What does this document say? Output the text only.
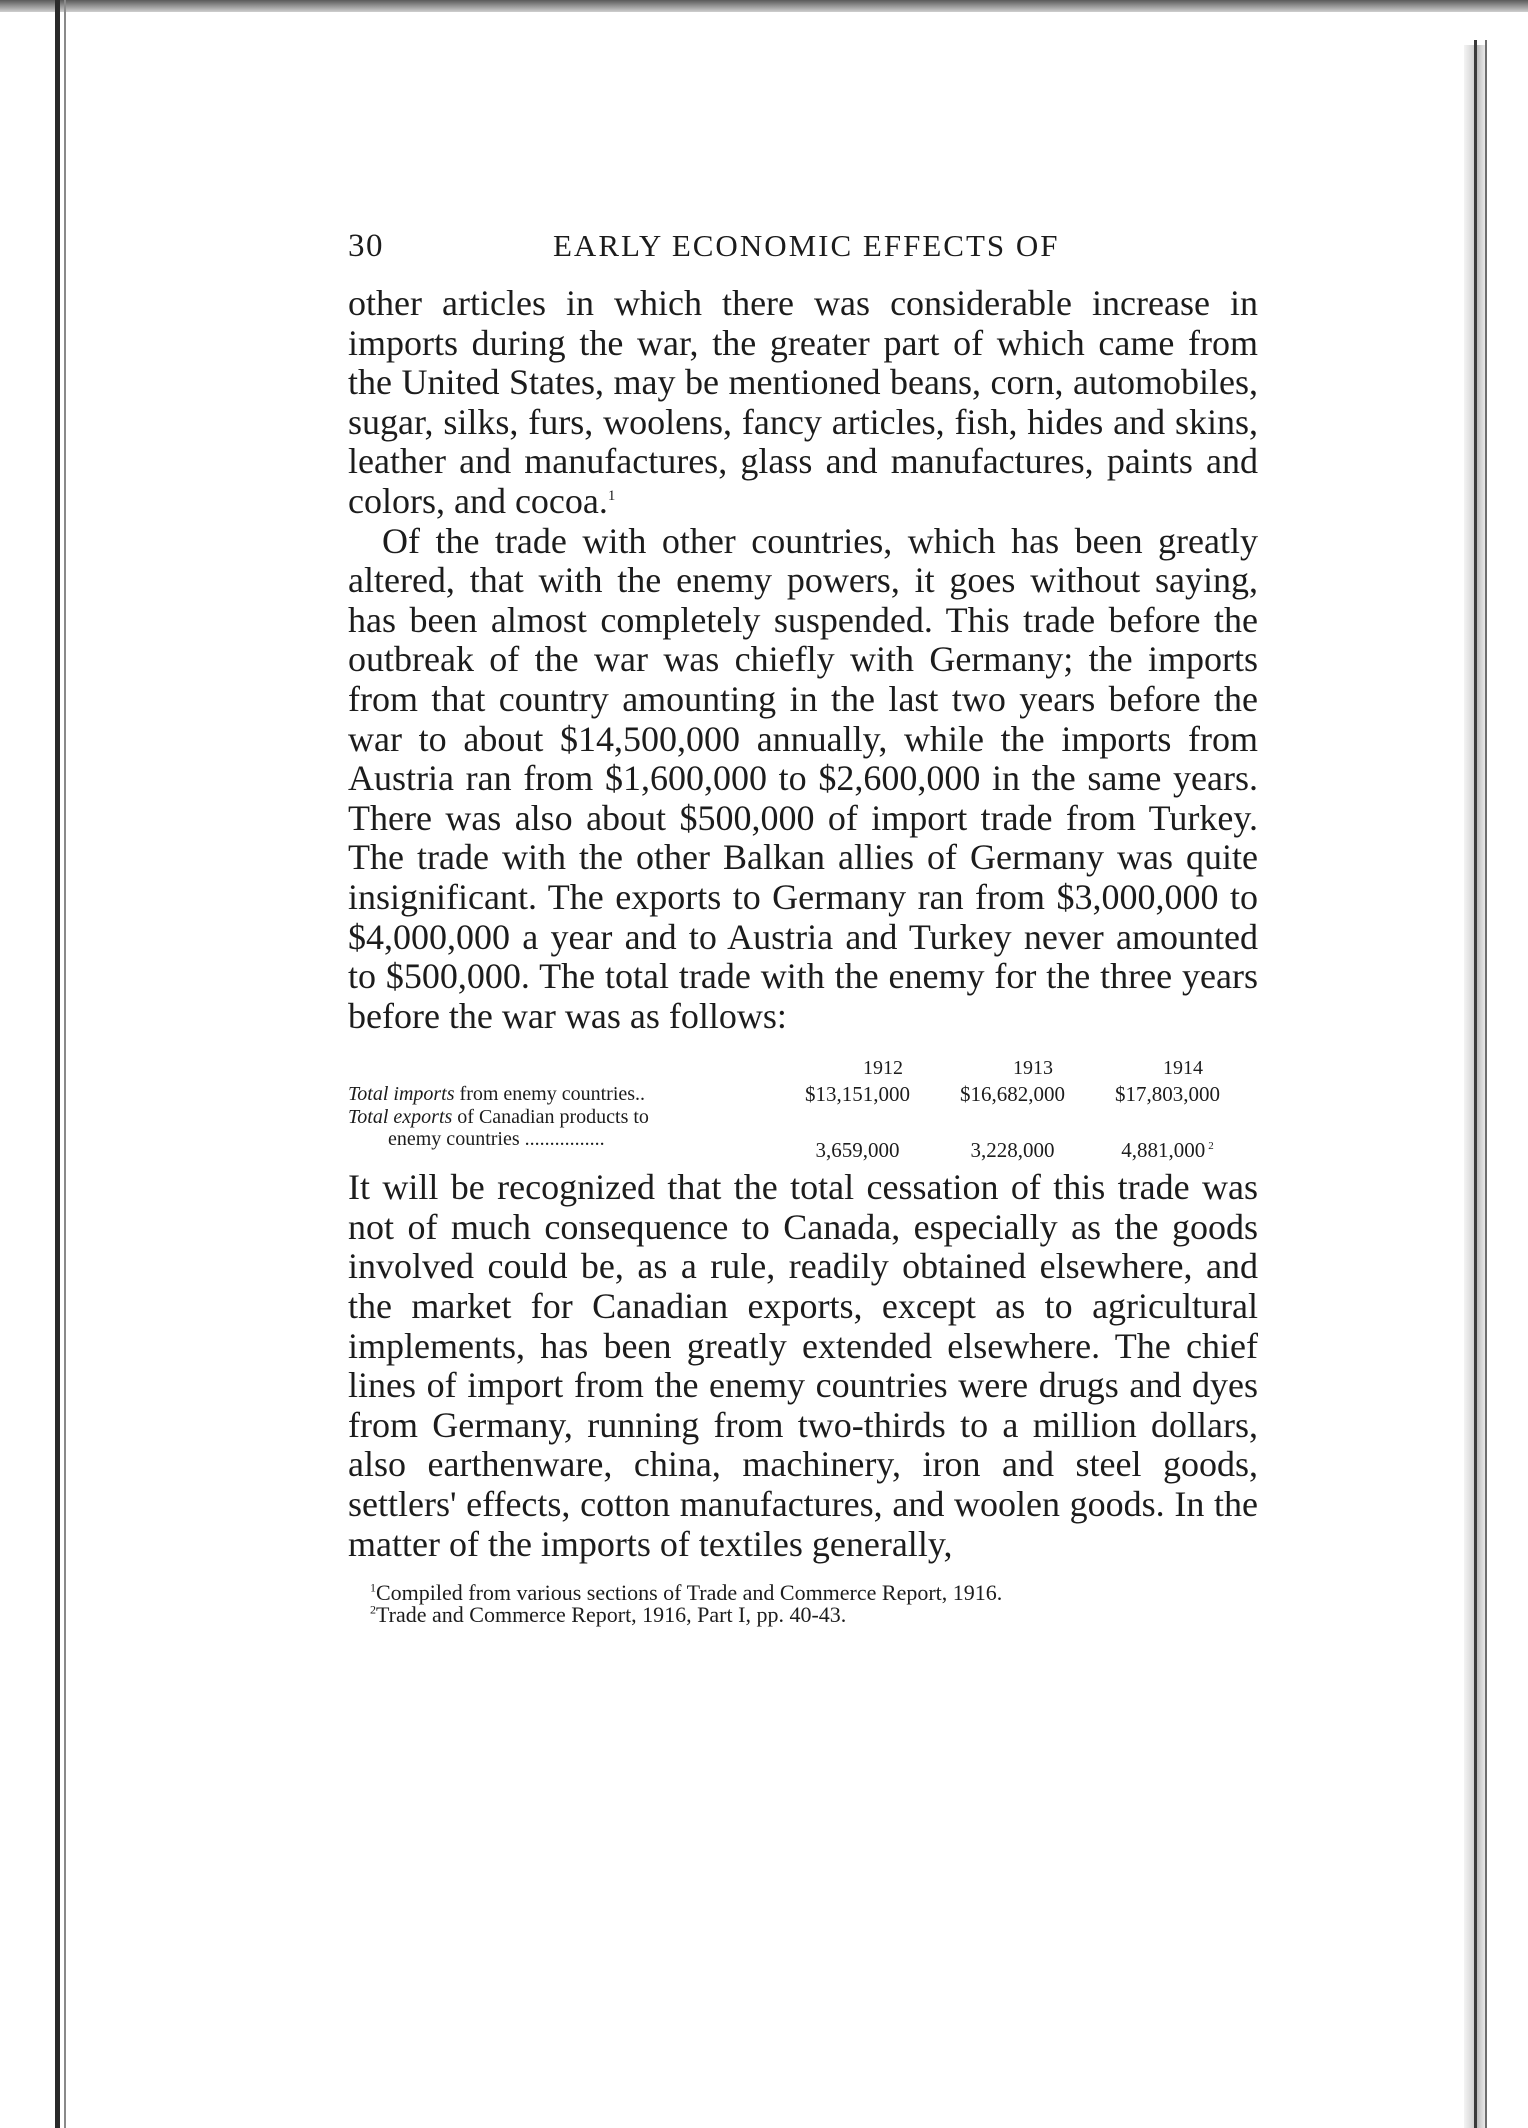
30	EARLY ECONOMIC EFFECTS OF

other articles in which there was considerable increase in imports during the war, the greater part of which came from the United States, may be mentioned beans, corn, automobiles, sugar, silks, furs, woolens, fancy articles, fish, hides and skins, leather and manufactures, glass and manufactures, paints and colors, and cocoa.$^1$

Of the trade with other countries, which has been greatly altered, that with the enemy powers, it goes without saying, has been almost completely suspended. This trade before the outbreak of the war was chiefly with Germany; the imports from that country amounting in the last two years before the war to about $14,500,000 annually, while the imports from Austria ran from $1,600,000 to $2,600,000 in the same years. There was also about $500,000 of import trade from Turkey. The trade with the other Balkan allies of Germany was quite insignificant. The exports to Germany ran from $3,000,000 to $4,000,000 a year and to Austria and Turkey never amounted to $500,000. The total trade with the enemy for the three years before the war was as follows:

1912	1913	1914
Total imports from enemy countries..	$13,151,000	$16,682,000	$17,803,000
Total exports of Canadian products to
enemy countries ................	3,659,000	3,228,000	4,881,000 $^2$

It will be recognized that the total cessation of this trade was not of much consequence to Canada, especially as the goods involved could be, as a rule, readily obtained elsewhere, and the market for Canadian exports, except as to agricultural implements, has been greatly extended elsewhere. The chief lines of import from the enemy countries were drugs and dyes from Germany, running from two-thirds to a million dollars, also earthenware, china, machinery, iron and steel goods, settlers' effects, cotton manufactures, and woolen goods. In the matter of the imports of textiles generally,

$^1$Compiled from various sections of Trade and Commerce Report, 1916.
$^2$Trade and Commerce Report, 1916, Part I, pp. 40-43.
